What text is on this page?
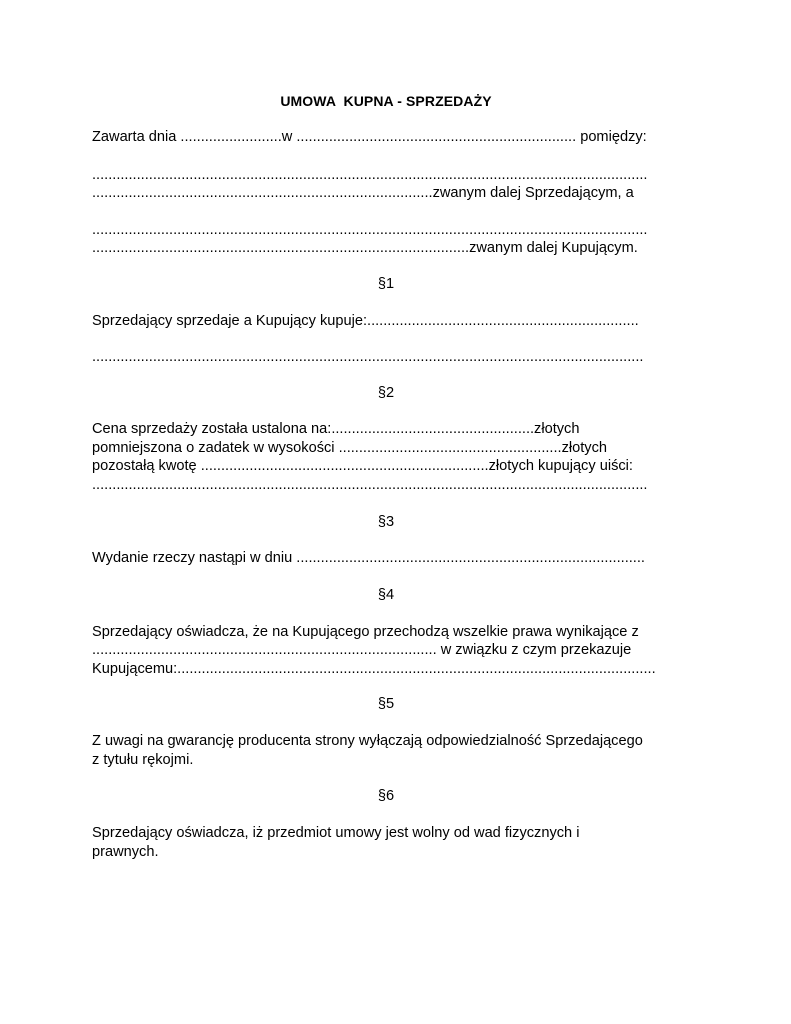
UMOWA  KUPNA - SPRZEDAŻY
Zawarta dnia .........................w ..................................................................... pomiędzy:
.........................................................................................................................................
....................................................................................zwanym dalej Sprzedającym, a
.........................................................................................................................................
.............................................................................................zwanym dalej Kupującym.
§1
Sprzedający sprzedaje a Kupujący kupuje:...................................................................
........................................................................................................................................
§2
Cena sprzedaży została ustalona na:..................................................złotych
pomniejszona o zadatek w wysokości .......................................................złotych
pozostałą kwotę .......................................................................złotych kupujący uiści:
.........................................................................................................................................
§3
Wydanie rzeczy nastąpi w dniu ......................................................................................
§4
Sprzedający oświadcza, że na Kupującego przechodzą wszelkie prawa wynikające z
..................................................................................... w związku z czym przekazuje
Kupującemu:......................................................................................................................
§5
Z uwagi na gwarancję producenta strony wyłączają odpowiedzialność Sprzedającego
z tytułu rękojmi.
§6
Sprzedający oświadcza, iż przedmiot umowy jest wolny od wad fizycznych i
prawnych.
